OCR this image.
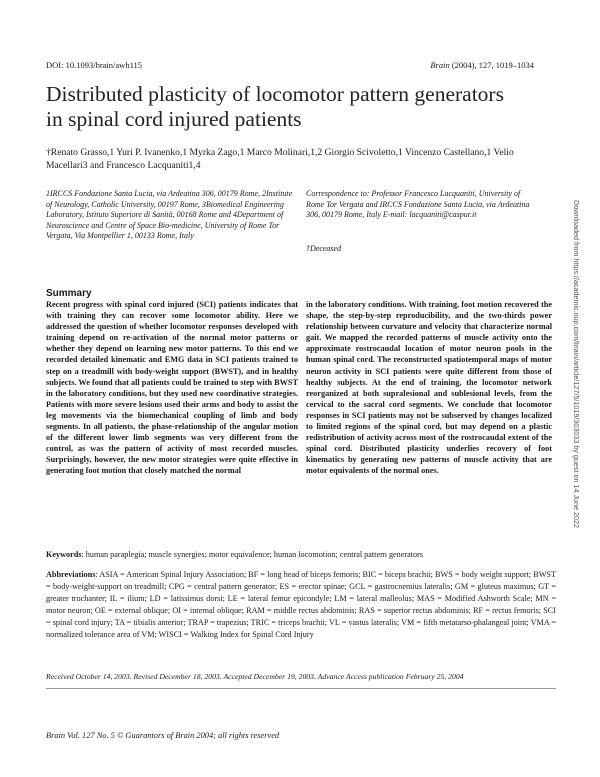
DOI: 10.1093/brain/awh115	Brain (2004), 127, 1019–1034
Distributed plasticity of locomotor pattern generators in spinal cord injured patients
†Renato Grasso,1 Yuri P. Ivanenko,1 Myrka Zago,1 Marco Molinari,1,2 Giorgio Scivoletto,1 Vincenzo Castellano,1 Velio Macellari3 and Francesco Lacquaniti1,4
1IRCCS Fondazione Santa Lucia, via Ardeatina 306, 00179 Rome, 2Institute of Neurology, Catholic University, 00197 Rome, 3Biomedical Engineering Laboratory, Istituto Superiore di Sanità, 00168 Rome and 4Department of Neuroscience and Centre of Space Bio-medicine, University of Rome Tor Vergata, Via Montpellier 1, 00133 Rome, Italy
Correspondence to: Professor Francesco Lacquaniti, University of Rome Tor Vergata and IRCCS Fondazione Santa Lucia, via Ardeatina 306, 00179 Rome, Italy E-mail: lacquaniti@caspur.it
†Deceased
Summary
Recent progress with spinal cord injured (SCI) patients indicates that with training they can recover some locomotor ability. Here we addressed the question of whether locomotor responses developed with training depend on re-activation of the normal motor patterns or whether they depend on learning new motor patterns. To this end we recorded detailed kinematic and EMG data in SCI patients trained to step on a treadmill with body-weight support (BWST), and in healthy subjects. We found that all patients could be trained to step with BWST in the laboratory conditions, but they used new coordinative strategies. Patients with more severe lesions used their arms and body to assist the leg movements via the biomechanical coupling of limb and body segments. In all patients, the phase-relationship of the angular motion of the different lower limb segments was very different from the control, as was the pattern of activity of most recorded muscles. Surprisingly, however, the new motor strategies were quite effective in generating foot motion that closely matched the normal
in the laboratory conditions. With training, foot motion recovered the shape, the step-by-step reproducibility, and the two-thirds power relationship between curvature and velocity that characterize normal gait. We mapped the recorded patterns of muscle activity onto the approximate rostrocaudal location of motor neuron pools in the human spinal cord. The reconstructed spatiotemporal maps of motor neuron activity in SCI patients were quite different from those of healthy subjects. At the end of training, the locomotor network reorganized at both supralesional and sublesional levels, from the cervical to the sacral cord segments. We conclude that locomotor responses in SCI patients may not be subserved by changes localized to limited regions of the spinal cord, but may depend on a plastic redistribution of activity across most of the rostrocaudal extent of the spinal cord. Distributed plasticity underlies recovery of foot kinematics by generating new patterns of muscle activity that are motor equivalents of the normal ones.
Keywords: human paraplegia; muscle synergies; motor equivalence; human locomotion; central pattern generators
Abbreviations: ASIA = American Spinal Injury Association; BF = long head of biceps femoris; BIC = biceps brachii; BWS = body weight support; BWST = body-weight-support on treadmill; CPG = central pattern generator; ES = erector spinae; GCL = gastrocnemius lateralis; GM = gluteus maximus; GT = greater trochanter; IL = ilium; LD = latissimus dorsi; LE = lateral femur epicondyle; LM = lateral malleolus; MAS = Modified Ashworth Scale; MN = motor neuron; OE = external oblique; OI = internal oblique; RAM = middle rectus abdominis; RAS = superior rectus abdominis; RF = rectus femoris; SCI = spinal cord injury; TA = tibialis anterior; TRAP = trapezius; TRIC = triceps brachii; VL = vastus lateralis; VM = fifth metatarso-phalangeal joint; VMA = normalized tolerance area of VM; WISCI = Walking Index for Spinal Cord Injury
Received October 14, 2003. Revised December 18, 2003. Accepted December 19, 2003. Advance Access publication February 25, 2004
Brain Vol. 127 No. 5 © Guarantors of Brain 2004; all rights reserved
Downloaded from https://academic.oup.com/brain/article/127/5/1019/303033 by guest on 14 June 2022
